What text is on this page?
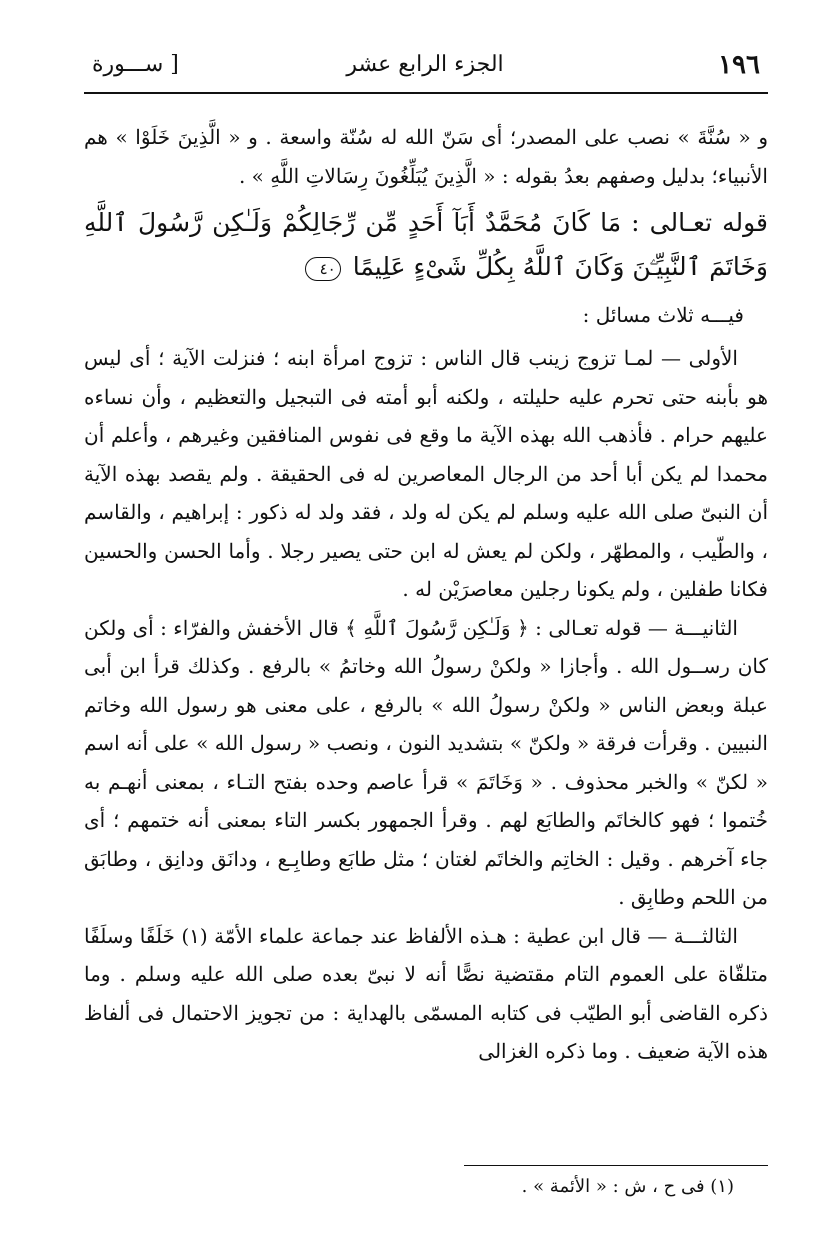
١٩٦
الجزء الرابع عشر
[ ســـورة

و « سُنَّةَ » نصب على المصدر؛ أى سَنّ الله له سُنّة واسعة . و « الَّذِينَ خَلَوْا » هم الأنبياء؛ بدليل وصفهم بعدُ بقوله : « الَّذِينَ يُبَلِّغُونَ رِسَالاتِ اللَّهِ » .

قوله تعـالى : مَا كَانَ مُحَمَّدٌ أَبَآ أَحَدٍ مِّن رِّجَالِكُمْ وَلَـٰكِن رَّسُولَ ٱللَّهِ وَخَاتَمَ ٱلنَّبِيِّـۧنَ وَكَانَ ٱللَّهُ بِكُلِّ شَىْءٍ عَلِيمًا ٤٠

فيـــه ثلاث مسائل :

الأولى — لمـا تزوج زينب قال الناس : تزوج امرأة ابنه ؛ فنزلت الآية ؛ أى ليس هو بأبنه حتى تحرم عليه حليلته ، ولكنه أبو أمته فى التبجيل والتعظيم ، وأن نساءه عليهم حرام . فأذهب الله بهذه الآية ما وقع فى نفوس المنافقين وغيرهم ، وأعلم أن محمدا لم يكن أبا أحد من الرجال المعاصرين له فى الحقيقة . ولم يقصد بهذه الآية أن النبىّ صلى الله عليه وسلم لم يكن له ولد ، فقد ولد له ذكور : إبراهيم ، والقاسم ، والطّيب ، والمطهّر ، ولكن لم يعش له ابن حتى يصير رجلا . وأما الحسن والحسين فكانا طفلين ، ولم يكونا رجلين معاصرَيْن له .

الثانيـــة — قوله تعـالى : ﴿ وَلَـٰكِن رَّسُولَ ٱللَّهِ ﴾ قال الأخفش والفرّاء : أى ولكن كان رســول الله . وأجازا « ولكنْ رسولُ الله وخاتمُ » بالرفع . وكذلك قرأ ابن أبى عبلة وبعض الناس « ولكنْ رسولُ الله » بالرفع ، على معنى هو رسول الله وخاتم النبيين . وقرأت فرقة « ولكنّ » بتشديد النون ، ونصب « رسول الله » على أنه اسم « لكنّ » والخبر محذوف . « وَخَاتَمَ » قرأ عاصم وحده بفتح التـاء ، بمعنى أنهـم به خُتموا ؛ فهو كالخاتَم والطابَع لهم . وقرأ الجمهور بكسر التاء بمعنى أنه ختمهم ؛ أى جاء آخرهم . وقيل : الخاتِم والخاتَم لغتان ؛ مثل طابَع وطابِـع ، ودانَق ودانِق ، وطابَق من اللحم وطابِق .

الثالثـــة — قال ابن عطية : هـذه الألفاظ عند جماعة علماء الأمّة (١) خَلَفًا وسلَفًا متلقّاة على العموم التام مقتضية نصًّا أنه لا نبىّ بعده صلى الله عليه وسلم . وما ذكره القاضى أبو الطيّب فى كتابه المسمّى بالهداية : من تجويز الاحتمال فى ألفاظ هذه الآية ضعيف . وما ذكره الغزالى

(١) فى ح ، ش : « الأئمة » .
